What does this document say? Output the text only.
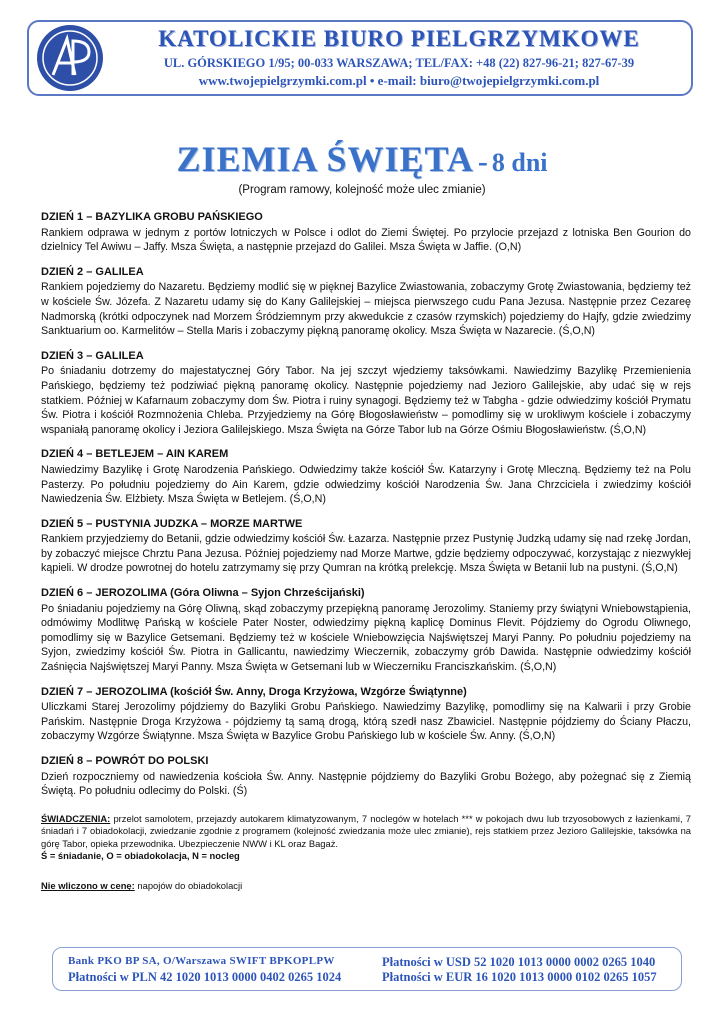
KATOLICKIE BIURO PIELGRZYMKOWE
UL. GÓRSKIEGO 1/95; 00-033 WARSZAWA; TEL/FAX: +48 (22) 827-96-21; 827-67-39
www.twojepielgrzymki.com.pl • e-mail: biuro@twojepielgrzymki.com.pl
ZIEMIA ŚWIĘTA - 8 dni
(Program ramowy, kolejność może ulec zmianie)
DZIEŃ 1 – BAZYLIKA GROBU PAŃSKIEGO
Rankiem odprawa w jednym z portów lotniczych w Polsce i odlot do Ziemi Świętej. Po przylocie przejazd z lotniska Ben Gourion do dzielnicy Tel Awiwu – Jaffy. Msza Święta, a następnie przejazd do Galilei. Msza Święta w Jaffie. (O,N)
DZIEŃ 2 – GALILEA
Rankiem pojedziemy do Nazaretu. Będziemy modlić się w pięknej Bazylice Zwiastowania, zobaczymy Grotę Zwiastowania, będziemy też w kościele Św. Józefa. Z Nazaretu udamy się do Kany Galilejskiej – miejsca pierwszego cudu Pana Jezusa. Następnie przez Cezareę Nadmorską (krótki odpoczynek nad Morzem Śródziemnym przy akwedukcie z czasów rzymskich) pojedziemy do Hajfy, gdzie zwiedzimy Sanktuarium oo. Karmelitów – Stella Maris i zobaczymy piękną panoramę okolicy. Msza Święta w Nazarecie. (Ś,O,N)
DZIEŃ 3 – GALILEA
Po śniadaniu dotrzemy do majestatycznej Góry Tabor. Na jej szczyt wjedziemy taksówkami. Nawiedzimy Bazylikę Przemienienia Pańskiego, będziemy też podziwiać piękną panoramę okolicy. Następnie pojedziemy nad Jezioro Galilejskie, aby udać się w rejs statkiem. Później w Kafarnaum zobaczymy dom Św. Piotra i ruiny synagogi. Będziemy też w Tabgha - gdzie odwiedzimy kościół Prymatu Św. Piotra i kościół Rozmnożenia Chleba. Przyjedziemy na Górę Błogosławieństw – pomodlimy się w urokliwym kościele i zobaczymy wspaniałą panoramę okolicy i Jeziora Galilejskiego. Msza Święta na Górze Tabor lub na Górze Ośmiu Błogosławieństw. (Ś,O,N)
DZIEŃ 4 – BETLEJEM – AIN KAREM
Nawiedzimy Bazylikę i Grotę Narodzenia Pańskiego. Odwiedzimy także kościół Św. Katarzyny i Grotę Mleczną. Będziemy też na Polu Pasterzy. Po południu pojedziemy do Ain Karem, gdzie odwiedzimy kościół Narodzenia Św. Jana Chrzciciela i zwiedzimy kościół Nawiedzenia Św. Elżbiety. Msza Święta w Betlejem. (Ś,O,N)
DZIEŃ 5 – PUSTYNIA JUDZKA – MORZE MARTWE
Rankiem przyjedziemy do Betanii, gdzie odwiedzimy kościół Św. Łazarza. Następnie przez Pustynię Judzką udamy się nad rzekę Jordan, by zobaczyć miejsce Chrztu Pana Jezusa. Później pojedziemy nad Morze Martwe, gdzie będziemy odpoczywać, korzystając z niezwykłej kąpieli. W drodze powrotnej do hotelu zatrzymamy się przy Qumran na krótką prelekcję. Msza Święta w Betanii lub na pustyni. (Ś,O,N)
DZIEŃ 6 – JEROZOLIMA (Góra Oliwna – Syjon Chrześcijański)
Po śniadaniu pojedziemy na Górę Oliwną, skąd zobaczymy przepiękną panoramę Jerozolimy. Staniemy przy świątyni Wniebowstąpienia, odmówimy Modlitwę Pańską w kościele Pater Noster, odwiedzimy piękną kaplicę Dominus Flevit. Pójdziemy do Ogrodu Oliwnego, pomodlimy się w Bazylice Getsemani. Będziemy też w kościele Wniebowzięcia Najświętszej Maryi Panny. Po południu pojedziemy na Syjon, zwiedzimy kościół Św. Piotra in Gallicantu, nawiedzimy Wieczernik, zobaczymy grób Dawida. Następnie odwiedzimy kościół Zaśnięcia Najświętszej Maryi Panny. Msza Święta w Getsemani lub w Wieczerniku Franciszkańskim. (Ś,O,N)
DZIEŃ 7 – JEROZOLIMA (kościół Św. Anny, Droga Krzyżowa, Wzgórze Świątynne)
Uliczkami Starej Jerozolimy pójdziemy do Bazyliki Grobu Pańskiego. Nawiedzimy Bazylikę, pomodlimy się na Kalwarii i przy Grobie Pańskim. Następnie Droga Krzyżowa - pójdziemy tą samą drogą, którą szedł nasz Zbawiciel. Następnie pójdziemy do Ściany Płaczu, zobaczymy Wzgórze Świątynne. Msza Święta w Bazylice Grobu Pańskiego lub w kościele Św. Anny. (Ś,O,N)
DZIEŃ 8 – POWRÓT DO POLSKI
Dzień rozpoczniemy od nawiedzenia kościoła Św. Anny. Następnie pójdziemy do Bazyliki Grobu Bożego, aby pożegnać się z Ziemią Świętą. Po południu odlecimy do Polski. (Ś)
ŚWIADCZENIA: przelot samolotem, przejazdy autokarem klimatyzowanym, 7 noclegów w hotelach *** w pokojach dwu lub trzyosobowych z łazienkami, 7 śniadań i 7 obiadokolacji, zwiedzanie zgodnie z programem (kolejność zwiedzania może ulec zmianie), rejs statkiem przez Jezioro Galilejskie, taksówka na górę Tabor, opieka przewodnika. Ubezpieczenie NWW i KL oraz Bagaż.
Ś = śniadanie, O = obiadokolacja, N = nocleg
Nie wliczono w cenę: napojów do obiadokolacji
Bank PKO BP SA, O/Warszawa SWIFT BPKOPLPW
Płatności w PLN 42 1020 1013 0000 0402 0265 1024
Płatności w USD 52 1020 1013 0000 0002 0265 1040
Płatności w EUR 16 1020 1013 0000 0102 0265 1057
